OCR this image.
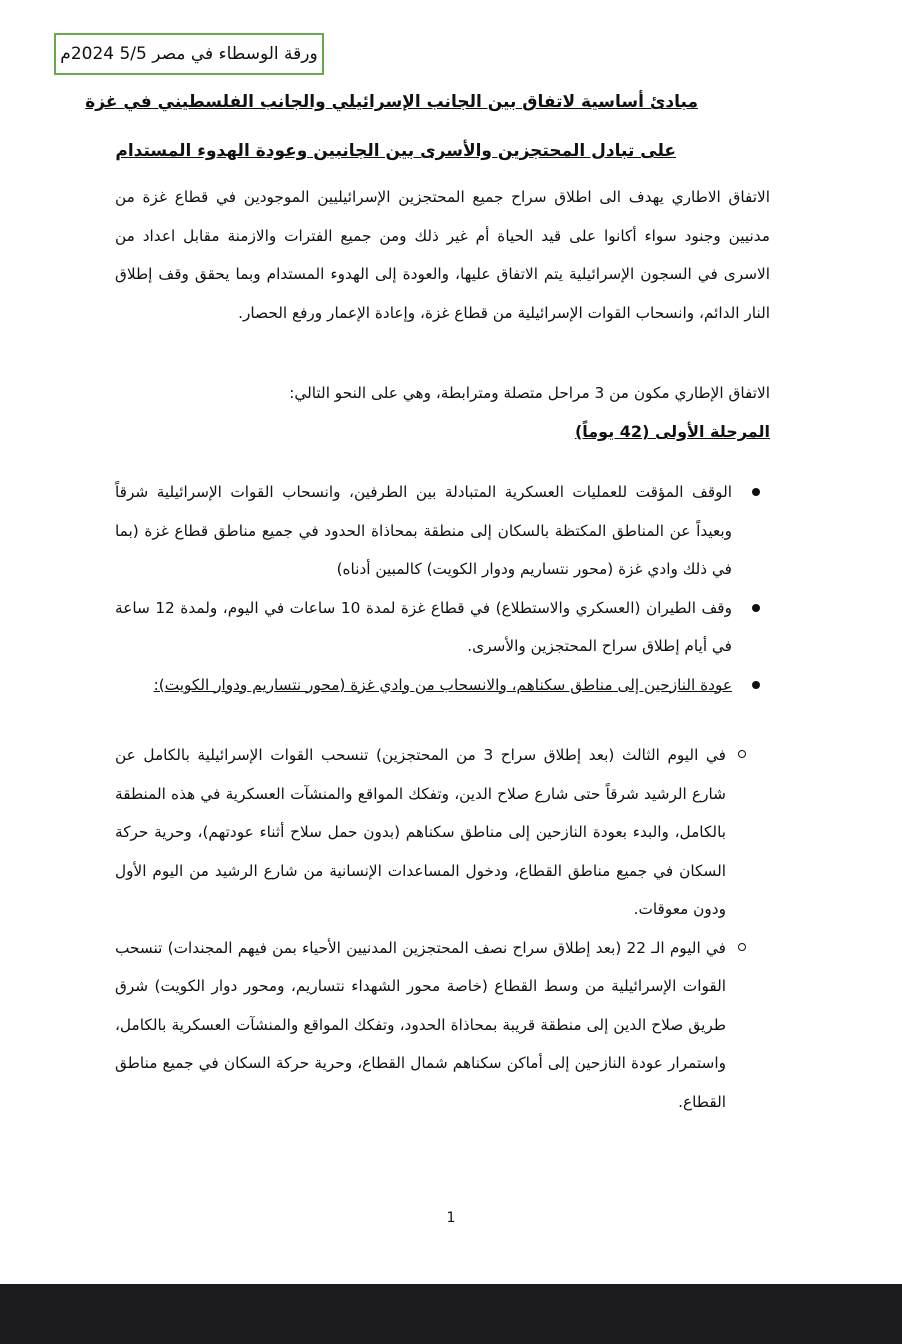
ورقة الوسطاء في مصر 5/5 2024م
مبادئ أساسية لاتفاق بين الجانب الإسرائيلي والجانب الفلسطيني في غزة
على تبادل المحتجزين والأسرى بين الجانبين وعودة الهدوء المستدام
الاتفاق الاطاري يهدف الى اطلاق سراح جميع المحتجزين الإسرائيليين الموجودين في قطاع غزة من مدنيين وجنود سواء أكانوا على قيد الحياة أم غير ذلك ومن جميع الفترات والازمنة مقابل اعداد من الاسرى في السجون الإسرائيلية يتم الاتفاق عليها، والعودة إلى الهدوء المستدام وبما يحقق وقف إطلاق النار الدائم، وانسحاب القوات الإسرائيلية من قطاع غزة، وإعادة الإعمار ورفع الحصار.
الاتفاق الإطاري مكون من 3 مراحل متصلة ومترابطة، وهي على النحو التالي:
المرحلة الأولى (42 يوماً)
الوقف المؤقت للعمليات العسكرية المتبادلة بين الطرفين، وانسحاب القوات الإسرائيلية شرقاً وبعيداً عن المناطق المكتظة بالسكان إلى منطقة بمحاذاة الحدود في جميع مناطق قطاع غزة (بما في ذلك وادي غزة (محور نتساريم ودوار الكويت) كالمبين أدناه)
وقف الطيران (العسكري والاستطلاع) في قطاع غزة لمدة 10 ساعات في اليوم، ولمدة 12 ساعة في أيام إطلاق سراح المحتجزين والأسرى.
عودة النازحين إلى مناطق سكناهم، والانسحاب من وادي غزة (محور نتساريم ودوار الكويت):
في اليوم الثالث (بعد إطلاق سراح 3 من المحتجزين) تنسحب القوات الإسرائيلية بالكامل عن شارع الرشيد شرقاً حتى شارع صلاح الدين، وتفكك المواقع والمنشآت العسكرية في هذه المنطقة بالكامل، والبدء بعودة النازحين إلى مناطق سكناهم (بدون حمل سلاح أثناء عودتهم)، وحرية حركة السكان في جميع مناطق القطاع، ودخول المساعدات الإنسانية من شارع الرشيد من اليوم الأول ودون معوقات.
في اليوم الـ 22 (بعد إطلاق سراح نصف المحتجزين المدنيين الأحياء بمن فيهم المجندات) تنسحب القوات الإسرائيلية من وسط القطاع (خاصة محور الشهداء نتساريم، ومحور دوار الكويت) شرق طريق صلاح الدين إلى منطقة قريبة بمحاذاة الحدود، وتفكك المواقع والمنشآت العسكرية بالكامل، واستمرار عودة النازحين إلى أماكن سكناهم شمال القطاع، وحرية حركة السكان في جميع مناطق القطاع.
1
